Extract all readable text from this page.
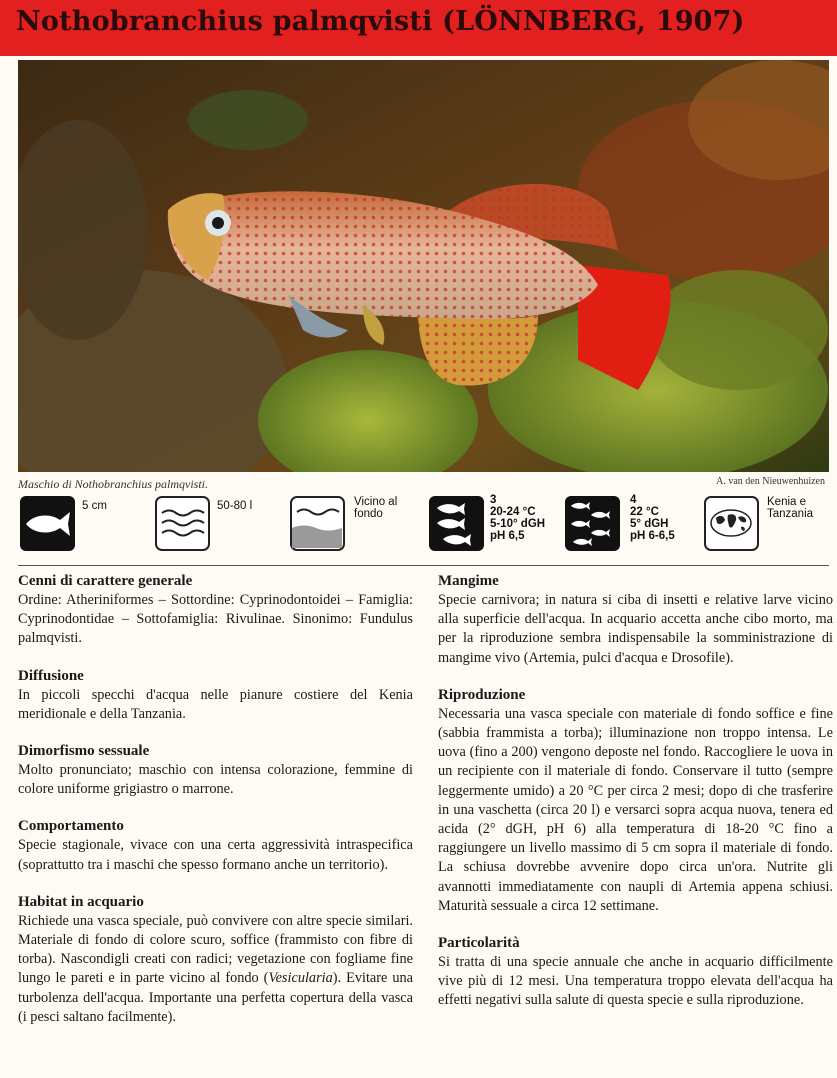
Nothobranchius palmqvisti (LÖNNBERG, 1907)
Maschio di Nothobranchius palmqvisti.	A. van den Nieuwenhuizen
5 cm	50-80 l	Vicino al
fondo
3
20-24 °C
5-10° dGH
pH 6,5
4
22 °C
5° dGH
pH 6-6,5
Kenia e
Tanzania
Cenni di carattere generale

Ordine: Atheriniformes – Sottordine: Cyprinodontoidei – Famiglia: Cyprinodontidae – Sottofamiglia: Rivulinae. Sinonimo: Fundulus palmqvisti.

Diffusione

In piccoli specchi d'acqua nelle pianure costiere del Kenia meridionale e della Tanzania.

Dimorfismo sessuale

Molto pronunciato; maschio con intensa colorazione, femmine di colore uniforme grigiastro o marrone.

Comportamento

Specie stagionale, vivace con una certa aggressività intraspecifica (soprattutto tra i maschi che spesso formano anche un territorio).

Habitat in acquario

Richiede una vasca speciale, può convivere con altre specie similari. Materiale di fondo di colore scuro, soffice (frammisto con fibre di torba). Nascondigli creati con radici; vegetazione con fogliame fine lungo le pareti e in parte vicino al fondo (Vesicularia). Evitare una turbolenza dell'acqua. Importante una perfetta copertura della vasca (i pesci saltano facilmente).

Mangime

Specie carnivora; in natura si ciba di insetti e relative larve vicino alla superficie dell'acqua. In acquario accetta anche cibo morto, ma per la riproduzione sembra indispensabile la somministrazione di mangime vivo (Artemia, pulci d'acqua e Drosofile).

Riproduzione

Necessaria una vasca speciale con materiale di fondo soffice e fine (sabbia frammista a torba); illuminazione non troppo intensa. Le uova (fino a 200) vengono deposte nel fondo. Raccogliere le uova in un recipiente con il materiale di fondo. Conservare il tutto (sempre leggermente umido) a 20 °C per circa 2 mesi; dopo di che trasferire in una vaschetta (circa 20 l) e versarci sopra acqua nuova, tenera ed acida (2° dGH, pH 6) alla temperatura di 18-20 °C fino a raggiungere un livello massimo di 5 cm sopra il materiale di fondo. La schiusa dovrebbe avvenire dopo circa un'ora. Nutrite gli avannotti immediatamente con naupli di Artemia appena schiusi. Maturità sessuale a circa 12 settimane.

Particolarità

Si tratta di una specie annuale che anche in acquario difficilmente vive più di 12 mesi. Una temperatura troppo elevata dell'acqua ha effetti negativi sulla salute di questa specie e sulla riproduzione.
